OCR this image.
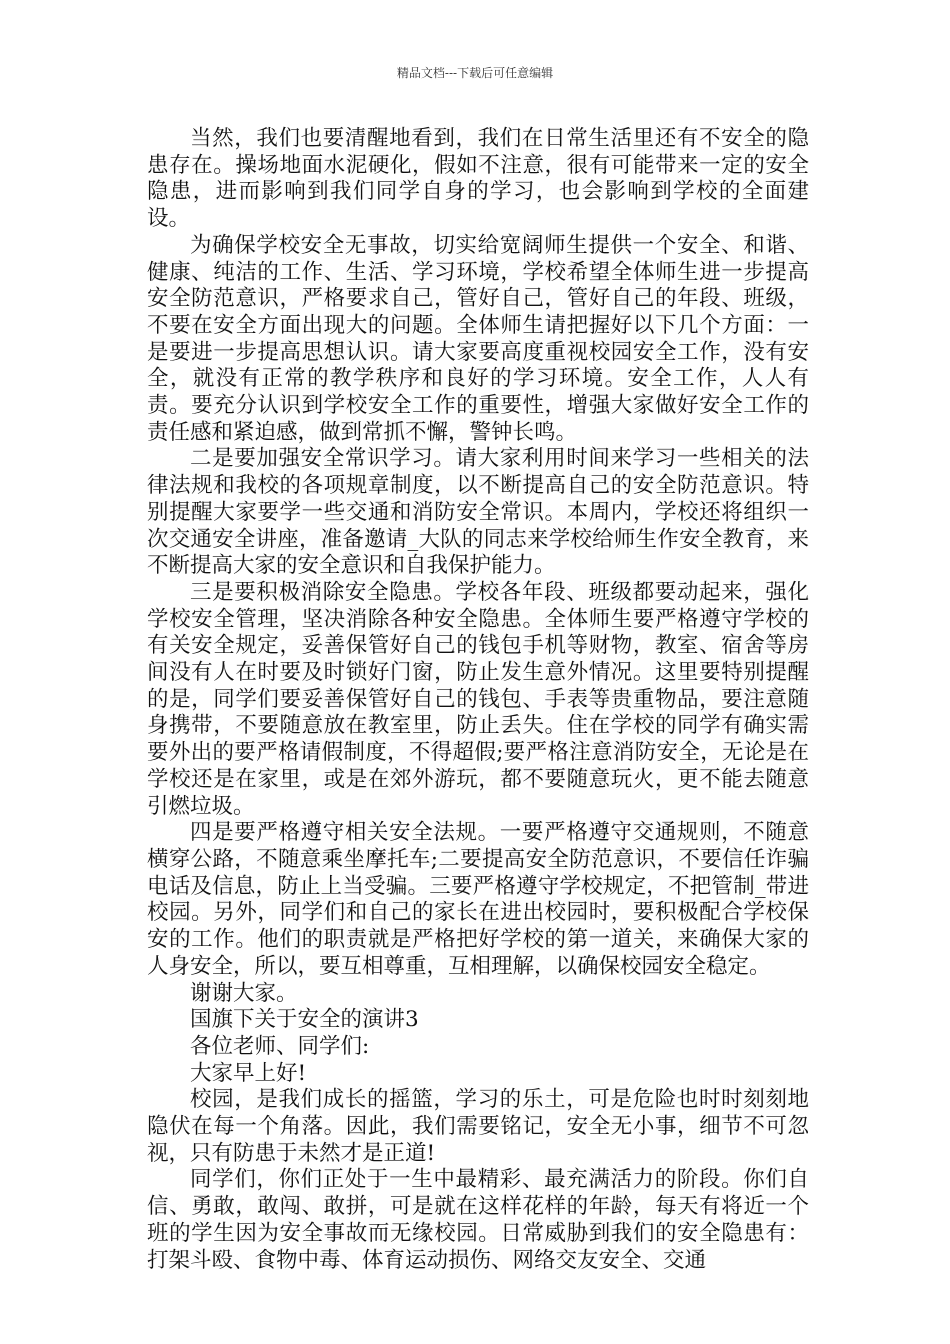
精品文档---下载后可任意编辑

当然，我们也要清醒地看到，我们在日常生活里还有不安全的隐患存在。操场地面水泥硬化，假如不注意，很有可能带来一定的安全隐患，进而影响到我们同学自身的学习，也会影响到学校的全面建设。

为确保学校安全无事故，切实给宽阔师生提供一个安全、和谐、健康、纯洁的工作、生活、学习环境，学校希望全体师生进一步提高安全防范意识，严格要求自己，管好自己，管好自己的年段、班级，不要在安全方面出现大的问题。全体师生请把握好以下几个方面：一是要进一步提高思想认识。请大家要高度重视校园安全工作，没有安全，就没有正常的教学秩序和良好的学习环境。安全工作，人人有责。要充分认识到学校安全工作的重要性，增强大家做好安全工作的责任感和紧迫感，做到常抓不懈，警钟长鸣。

二是要加强安全常识学习。请大家利用时间来学习一些相关的法律法规和我校的各项规章制度，以不断提高自己的安全防范意识。特别提醒大家要学一些交通和消防安全常识。本周内，学校还将组织一次交通安全讲座，准备邀请_大队的同志来学校给师生作安全教育，来不断提高大家的安全意识和自我保护能力。

三是要积极消除安全隐患。学校各年段、班级都要动起来，强化学校安全管理，坚决消除各种安全隐患。全体师生要严格遵守学校的有关安全规定，妥善保管好自己的钱包手机等财物，教室、宿舍等房间没有人在时要及时锁好门窗，防止发生意外情况。这里要特别提醒的是，同学们要妥善保管好自己的钱包、手表等贵重物品，要注意随身携带，不要随意放在教室里，防止丢失。住在学校的同学有确实需要外出的要严格请假制度，不得超假;要严格注意消防安全，无论是在学校还是在家里，或是在郊外游玩，都不要随意玩火，更不能去随意引燃垃圾。

四是要严格遵守相关安全法规。一要严格遵守交通规则，不随意横穿公路，不随意乘坐摩托车;二要提高安全防范意识，不要信任诈骗电话及信息，防止上当受骗。三要严格遵守学校规定，不把管制_带进校园。另外，同学们和自己的家长在进出校园时，要积极配合学校保安的工作。他们的职责就是严格把好学校的第一道关，来确保大家的人身安全，所以，要互相尊重，互相理解，以确保校园安全稳定。

谢谢大家。

国旗下关于安全的演讲3

各位老师、同学们:

大家早上好!

校园，是我们成长的摇篮，学习的乐土，可是危险也时时刻刻地隐伏在每一个角落。因此，我们需要铭记，安全无小事，细节不可忽视，只有防患于未然才是正道!

同学们，你们正处于一生中最精彩、最充满活力的阶段。你们自信、勇敢，敢闯、敢拼，可是就在这样花样的年龄，每天有将近一个班的学生因为安全事故而无缘校园。日常威胁到我们的安全隐患有：打架斗殴、食物中毒、体育运动损伤、网络交友安全、交通
